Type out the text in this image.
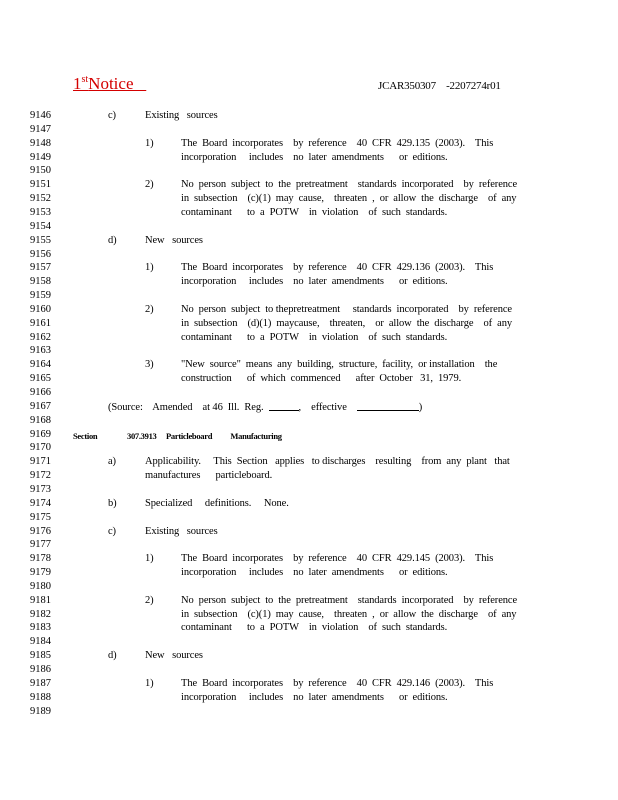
1stNotice	JCAR350307    -2207274r01
9146	c)	Existing   sources
9147
9148	1)	The  Board  incorporates    by  reference    40  CFR  429.135  (2003).    This
9149	incorporation     includes    no  later  amendments      or  editions.
9150
9151	2)	No  person  subject  to  the  pretreatment    standards  incorporated    by  reference
9152	in  subsection    (c)(1)  may  cause,    threaten  ,  or  allow  the  discharge    of  any
9153	contaminant      to  a  POTW    in  violation    of  such  standards.
9154
9155	d)	New   sources
9156
9157	1)	The  Board  incorporates    by  reference    40  CFR  429.136  (2003).    This
9158	incorporation     includes    no  later  amendments      or  editions.
9159
9160	2)	No  person  subject  to thepretreatment     standards  incorporated    by  reference
9161	in  subsection    (d)(1)  maycause,    threaten,    or  allow  the  discharge    of  any
9162	contaminant      to  a  POTW    in  violation    of  such  standards.
9163
9164	3)	"New  source"  means  any  building,  structure,  facility,  or installation    the
9165	construction      of  which  commenced      after  October   31,  1979.
9166
9167	(Source:    Amended    at 46  Ill.  Reg.	,    effective	)
9168
9169	Section	307.3913 Particleboard          Manufacturing
9170
9171	a)	Applicability.     This  Section   applies   to discharges    resulting    from  any  plant   that
9172	manufactures      particleboard.
9173
9174	b)	Specialized     definitions.     None.
9175
9176	c)	Existing   sources
9177
9178	1)	The  Board  incorporates    by  reference    40  CFR  429.145  (2003).    This
9179	incorporation     includes    no  later  amendments      or  editions.
9180
9181	2)	No  person  subject  to  the  pretreatment    standards  incorporated    by  reference
9182	in  subsection    (c)(1)  may  cause,    threaten  ,  or  allow  the  discharge    of  any
9183	contaminant      to  a  POTW    in  violation    of  such  standards.
9184
9185	d)	New   sources
9186
9187	1)	The  Board  incorporates    by  reference    40  CFR  429.146  (2003).    This
9188	incorporation     includes    no  later  amendments      or  editions.
9189
